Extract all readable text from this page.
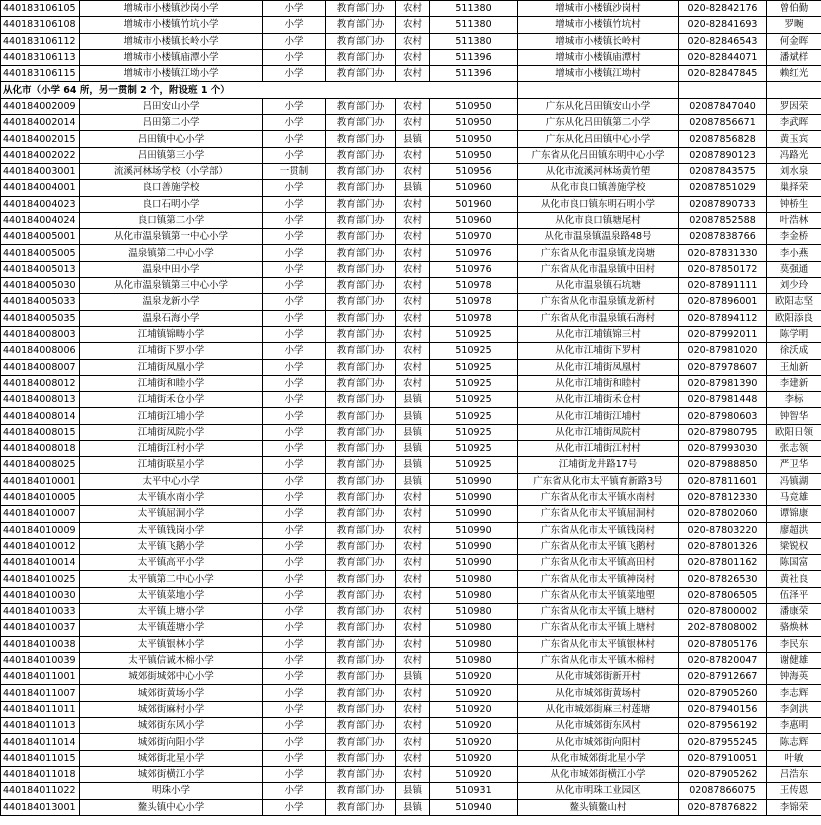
440183106105	增城市小楼镇沙岗小学	小学	教育部门办	农村	511380	增城市小楼镇沙岗村	020-82842176	曾伯勤
440183106108	增城市小楼镇竹坑小学	小学	教育部门办	农村	511380	增城市小楼镇竹坑村	020-82841693	罗畹
440183106112	增城市小楼镇长岭小学	小学	教育部门办	农村	511380	增城市小楼镇长岭村	020-82846543	何金晖
440183106113	增城市小楼镇庙潭小学	小学	教育部门办	农村	511396	增城市小楼镇庙潭村	020-82844071	潘斌样
440183106115	增城市小楼镇江坳小学	小学	教育部门办	农村	511396	增城市小楼镇江坳村	020-82847845	赖红光
从化市（小学 64 所，另一贯制 2 个，附设班 1 个）								
440184002009	吕田安山小学	小学	教育部门办	农村	510950	广东从化吕田镇安山小学	02087847040	罗因荣
440184002014	吕田第二小学	小学	教育部门办	农村	510950	广东从化吕田镇第二小学	02087856671	李武晖
440184002015	吕田镇中心小学	小学	教育部门办	县镇	510950	广东从化吕田镇中心小学	02087856828	黄玉宾
440184002022	吕田镇第三小学	小学	教育部门办	农村	510950	广东省从化吕田镇东明中心小学	02087890123	冯路光
440184003001	流溪河林场学校（小学部）	一贯制	教育部门办	农村	510956	从化市流溪河林场黄竹塱	02087843575	刘水泉
440184004001	良口善施学校	小学	教育部门办	县镇	510960	从化市良口镇善施学校	02087851029	巢择荣
440184004023	良口石明小学	小学	教育部门办	农村	501960	从化市良口镇东明石明小学	02087890733	钟桥生
440184004024	良口镇第二小学	小学	教育部门办	农村	510960	从化市良口镇塘尾村	02087852588	叶浩林
440184005001	从化市温泉镇第一中心小学	小学	教育部门办	农村	510970	从化市温泉镇温泉路48号	02087838766	李金桥
440184005005	温泉镇第二中心小学	小学	教育部门办	农村	510976	广东省从化市温泉镇龙岗塘	020-87831330	李小燕
440184005013	温泉中田小学	小学	教育部门办	农村	510976	广东省从化市温泉镇中田村	020-87850172	莫强通
440184005030	从化市温泉镇第三中心小学	小学	教育部门办	农村	510978	从化市温泉镇石坑塘	020-87891111	刘少玲
440184005033	温泉龙新小学	小学	教育部门办	农村	510978	广东省从化市温泉镇龙新村	020-87896001	欧阳志坚
440184005035	温泉石海小学	小学	教育部门办	农村	510978	广东省从化市温泉镇石海村	020-87894112	欧阳添良
440184008003	江埔镇锦畴小学	小学	教育部门办	农村	510925	从化市江埔镇锦三村	020-87992011	陈学明
440184008006	江埔街下罗小学	小学	教育部门办	农村	510925	从化市江埔街下罗村	020-87981020	徐沃成
440184008007	江埔街凤凰小学	小学	教育部门办	农村	510925	从化市江埔街凤凰村	020-87978607	王灿新
440184008012	江埔街和睦小学	小学	教育部门办	农村	510925	从化市江埔街和睦村	020-87981390	李建新
440184008013	江埔街禾仓小学	小学	教育部门办	县镇	510925	从化市江埔街禾仓村	020-87981448	李标
440184008014	江埔街江埔小学	小学	教育部门办	县镇	510925	从化市江埔街江埔村	020-87980603	钟智华
440184008015	江埔街凤院小学	小学	教育部门办	县镇	510925	从化市江埔街凤院村	020-87980795	欧阳日领
440184008018	江埔街江村小学	小学	教育部门办	县镇	510925	从化市江埔街江村村	020-87993030	张志领
440184008025	江埔街联星小学	小学	教育部门办	县镇	510925	江埔街龙井路17号	020-87988850	严卫华
440184010001	太平中心小学	小学	教育部门办	县镇	510990	广东省从化市太平镇育新路3号	020-87811601	冯镇湖
440184010005	太平镇水南小学	小学	教育部门办	农村	510990	广东省从化市太平镇水南村	020-87812330	马竞雄
440184010007	太平镇屈洞小学	小学	教育部门办	农村	510990	广东省从化市太平镇屈洞村	020-87802060	谭锦康
440184010009	太平镇钱岗小学	小学	教育部门办	农村	510990	广东省从化市太平镇钱岗村	020-87803220	廖超洪
440184010012	太平镇飞鹅小学	小学	教育部门办	农村	510990	广东省从化市太平镇飞鹅村	020-87801326	梁锐权
440184010014	太平镇高平小学	小学	教育部门办	农村	510990	广东省从化市太平镇高田村	020-87801162	陈国富
440184010025	太平镇第二中心小学	小学	教育部门办	农村	510980	广东省从化市太平镇神岗村	020-87826530	黄社良
440184010030	太平镇菜地小学	小学	教育部门办	农村	510980	广东省从化市太平镇菜地塱	020-87806505	伍泽平
440184010033	太平镇上塘小学	小学	教育部门办	农村	510980	广东省从化市太平镇上塘村	020-87800002	潘康荣
440184010037	太平镇莲塘小学	小学	教育部门办	农村	510980	广东省从化市太平镇上塘村	202-87808002	骆焕林
440184010038	太平镇银林小学	小学	教育部门办	农村	510980	广东省从化市太平镇银林村	020-87805176	李民东
440184010039	太平镇信诚木棉小学	小学	教育部门办	农村	510980	广东省从化市太平镇木棉村	020-87820047	谢健雄
440184011001	城郊街城郊中心小学	小学	教育部门办	县镇	510920	从化市城郊街新开村	020-87912667	钟海英
440184011007	城郊街黄场小学	小学	教育部门办	农村	510920	从化市城郊街黄场村	020-87905260	李志辉
440184011011	城郊街麻村小学	小学	教育部门办	农村	510920	从化市城郊街麻三村莲塘	020-87940156	李剑洪
440184011013	城郊街东风小学	小学	教育部门办	农村	510920	从化市城郊街东风村	020-87956192	李惠明
440184011014	城郊街向阳小学	小学	教育部门办	农村	510920	从化市城郊街向阳村	020-87955245	陈志辉
440184011015	城郊街北星小学	小学	教育部门办	农村	510920	从化市城郊街北星小学	020-87910051	叶敏
440184011018	城郊街横江小学	小学	教育部门办	农村	510920	从化市城郊街横江小学	020-87905262	吕浩东
440184011022	明珠小学	小学	教育部门办	县镇	510931	从化市明珠工业园区	02087866075	王传恩
440184013001	鳌头镇中心小学	小学	教育部门办	县镇	510940	鳌头镇鳌山村	020-87876822	李锦荣
